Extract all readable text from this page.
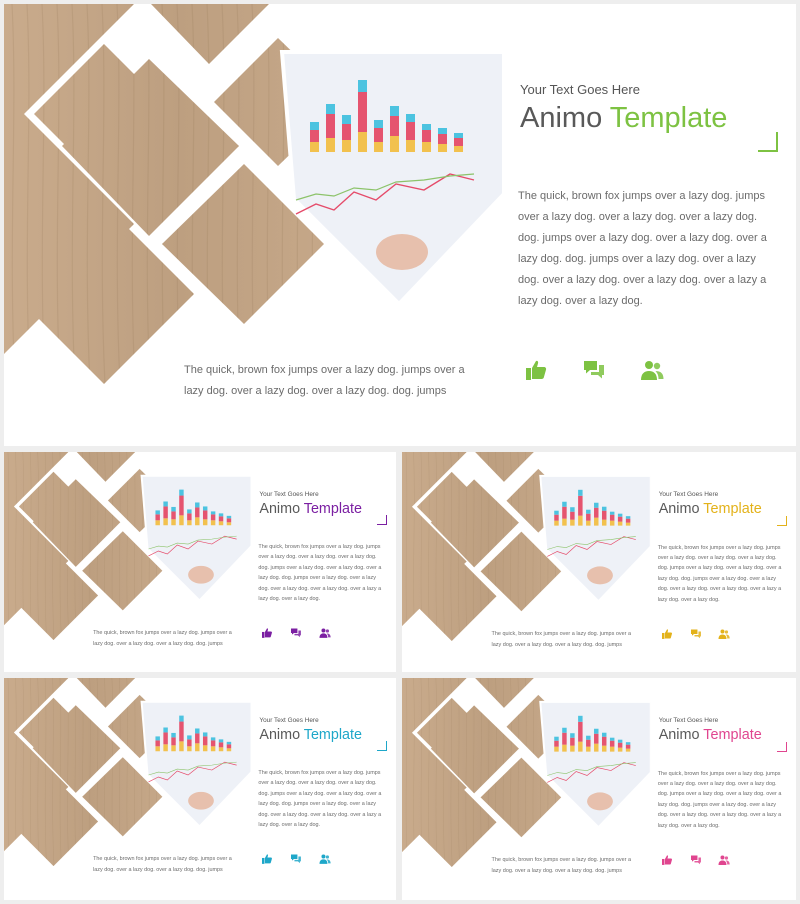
Your Text Goes Here
Animo Template
The quick, brown fox jumps over a lazy dog. jumps over a lazy dog. over a lazy dog. over a lazy dog. dog. jumps over a lazy dog. over a lazy dog. over a lazy dog. dog. jumps over a lazy dog. over a lazy dog. over a lazy dog. over a lazy dog. over a lazy a lazy dog. over a lazy dog.
The quick, brown fox jumps over a lazy dog. jumps over a lazy dog. over a lazy dog. over a lazy dog. dog. jumps
Your Text Goes Here
Animo Template
The quick, brown fox jumps over a lazy dog. jumps over a lazy dog. over a lazy dog. over a lazy dog. dog. jumps over a lazy dog. over a lazy dog. over a lazy dog. dog. jumps over a lazy dog. over a lazy dog. over a lazy dog. over a lazy dog. over a lazy a lazy dog. over a lazy dog.
The quick, brown fox jumps over a lazy dog. jumps over a lazy dog. over a lazy dog. over a lazy dog. dog. jumps
Your Text Goes Here
Animo Template
The quick, brown fox jumps over a lazy dog. jumps over a lazy dog. over a lazy dog. over a lazy dog. dog. jumps over a lazy dog. over a lazy dog. over a lazy dog. dog. jumps over a lazy dog. over a lazy dog. over a lazy dog. over a lazy dog. over a lazy a lazy dog. over a lazy dog.
The quick, brown fox jumps over a lazy dog. jumps over a lazy dog. over a lazy dog. over a lazy dog. dog. jumps
Your Text Goes Here
Animo Template
The quick, brown fox jumps over a lazy dog. jumps over a lazy dog. over a lazy dog. over a lazy dog. dog. jumps over a lazy dog. over a lazy dog. over a lazy dog. dog. jumps over a lazy dog. over a lazy dog. over a lazy dog. over a lazy dog. over a lazy a lazy dog. over a lazy dog.
The quick, brown fox jumps over a lazy dog. jumps over a lazy dog. over a lazy dog. over a lazy dog. dog. jumps
Your Text Goes Here
Animo Template
The quick, brown fox jumps over a lazy dog. jumps over a lazy dog. over a lazy dog. over a lazy dog. dog. jumps over a lazy dog. over a lazy dog. over a lazy dog. dog. jumps over a lazy dog. over a lazy dog. over a lazy dog. over a lazy dog. over a lazy a lazy dog. over a lazy dog.
The quick, brown fox jumps over a lazy dog. jumps over a lazy dog. over a lazy dog. over a lazy dog. dog. jumps
